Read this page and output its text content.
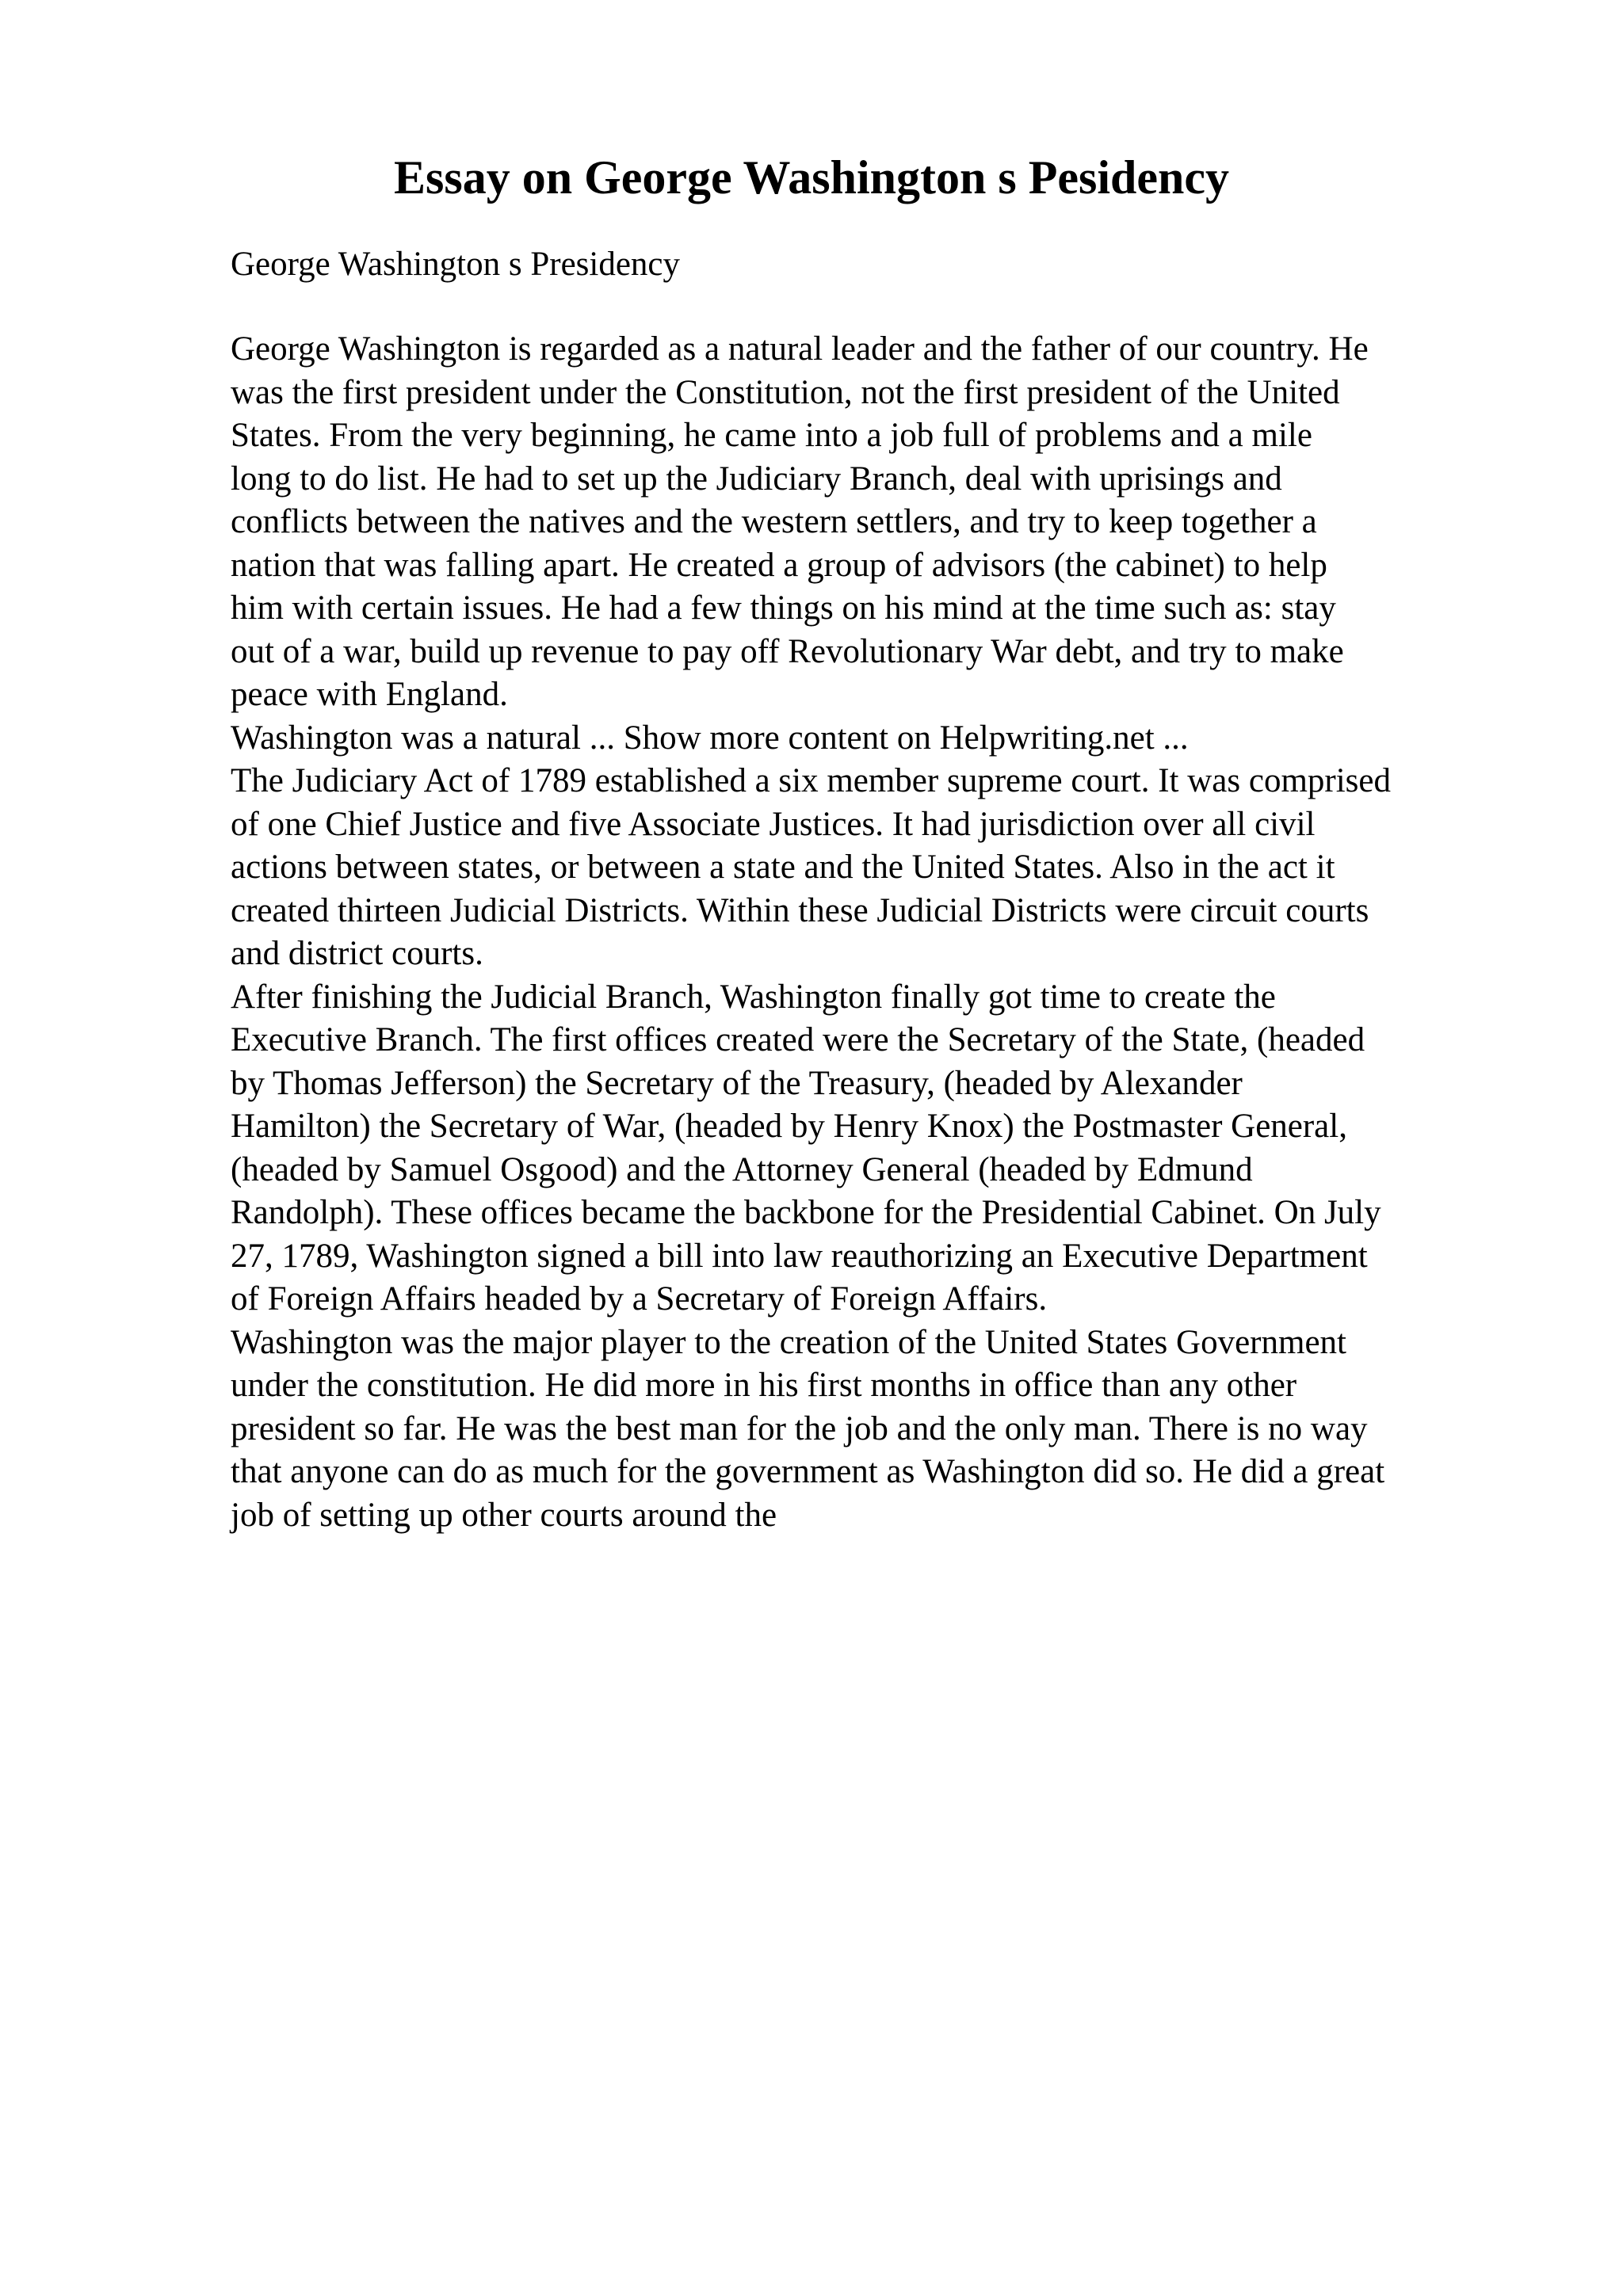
Essay on George Washington s Pesidency

George Washington s Presidency

George Washington is regarded as a natural leader and the father of our country. He
was the first president under the Constitution, not the first president of the United
States. From the very beginning, he came into a job full of problems and a mile
long to do list. He had to set up the Judiciary Branch, deal with uprisings and
conflicts between the natives and the western settlers, and try to keep together a
nation that was falling apart. He created a group of advisors (the cabinet) to help
him with certain issues. He had a few things on his mind at the time such as: stay
out of a war, build up revenue to pay off Revolutionary War debt, and try to make
peace with England.
Washington was a natural ... Show more content on Helpwriting.net ...
The Judiciary Act of 1789 established a six member supreme court. It was comprised
of one Chief Justice and five Associate Justices. It had jurisdiction over all civil
actions between states, or between a state and the United States. Also in the act it
created thirteen Judicial Districts. Within these Judicial Districts were circuit courts
and district courts.
After finishing the Judicial Branch, Washington finally got time to create the
Executive Branch. The first offices created were the Secretary of the State, (headed
by Thomas Jefferson) the Secretary of the Treasury, (headed by Alexander
Hamilton) the Secretary of War, (headed by Henry Knox) the Postmaster General,
(headed by Samuel Osgood) and the Attorney General (headed by Edmund
Randolph). These offices became the backbone for the Presidential Cabinet. On July
27, 1789, Washington signed a bill into law reauthorizing an Executive Department
of Foreign Affairs headed by a Secretary of Foreign Affairs.
Washington was the major player to the creation of the United States Government
under the constitution. He did more in his first months in office than any other
president so far. He was the best man for the job and the only man. There is no way
that anyone can do as much for the government as Washington did so. He did a great
job of setting up other courts around the
